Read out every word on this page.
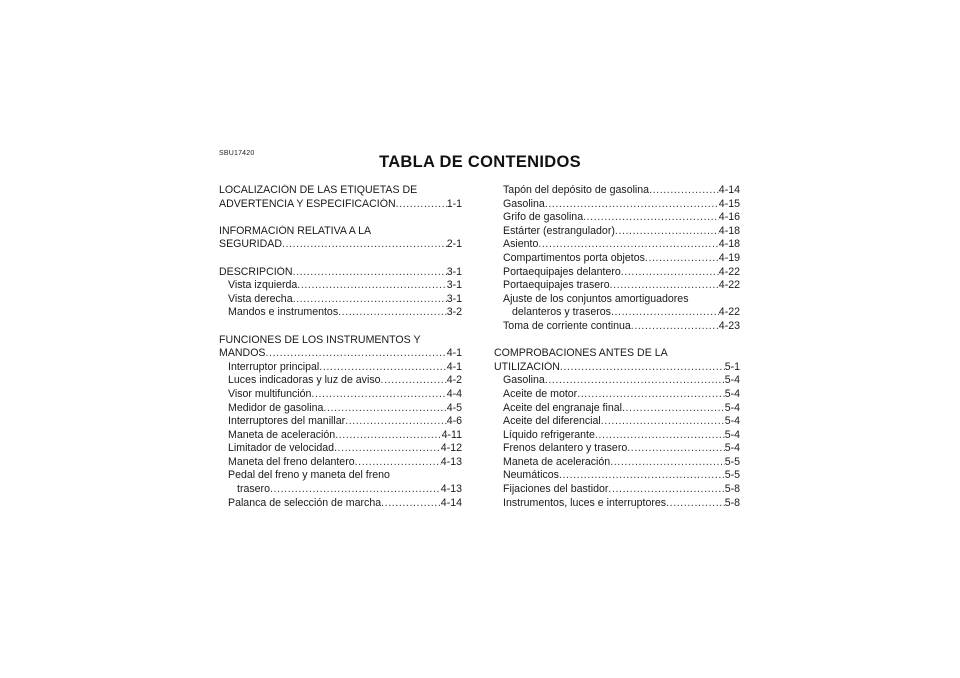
SBU17420	TABLA DE CONTENIDOS
LOCALIZACIÓN DE LAS ETIQUETAS DE
ADVERTENCIA Y ESPECIFICACIÓN .....	1-1
INFORMACIÓN RELATIVA A LA
SEGURIDAD .....	2-1
DESCRIPCIÓN .....	3-1
Vista izquierda .....	3-1
Vista derecha .....	3-1
Mandos e instrumentos .....	3-2
FUNCIONES DE LOS INSTRUMENTOS Y
MANDOS .....	4-1
Interruptor principal .....	4-1
Luces indicadoras y luz de aviso .....	4-2
Visor multifunción .....	4-4
Medidor de gasolina .....	4-5
Interruptores del manillar .....	4-6
Maneta de aceleración .....	4-11
Limitador de velocidad .....	4-12
Maneta del freno delantero .....	4-13
Pedal del freno y maneta del freno
trasero .....	4-13
Palanca de selección de marcha .....	4-14
Tapón del depósito de gasolina .....	4-14
Gasolina .....	4-15
Grifo de gasolina .....	4-16
Estárter (estrangulador) .....	4-18
Asiento .....	4-18
Compartimentos porta objetos .....	4-19
Portaequipajes delantero .....	4-22
Portaequipajes trasero .....	4-22
Ajuste de los conjuntos amortiguadores
delanteros y traseros .....	4-22
Toma de corriente continua .....	4-23
COMPROBACIONES ANTES DE LA
UTILIZACIÓN .....	5-1
Gasolina .....	5-4
Aceite de motor .....	5-4
Aceite del engranaje final .....	5-4
Aceite del diferencial .....	5-4
Líquido refrigerante .....	5-4
Frenos delantero y trasero .....	5-4
Maneta de aceleración .....	5-5
Neumáticos .....	5-5
Fijaciones del bastidor .....	5-8
Instrumentos, luces e interruptores .....	5-8
